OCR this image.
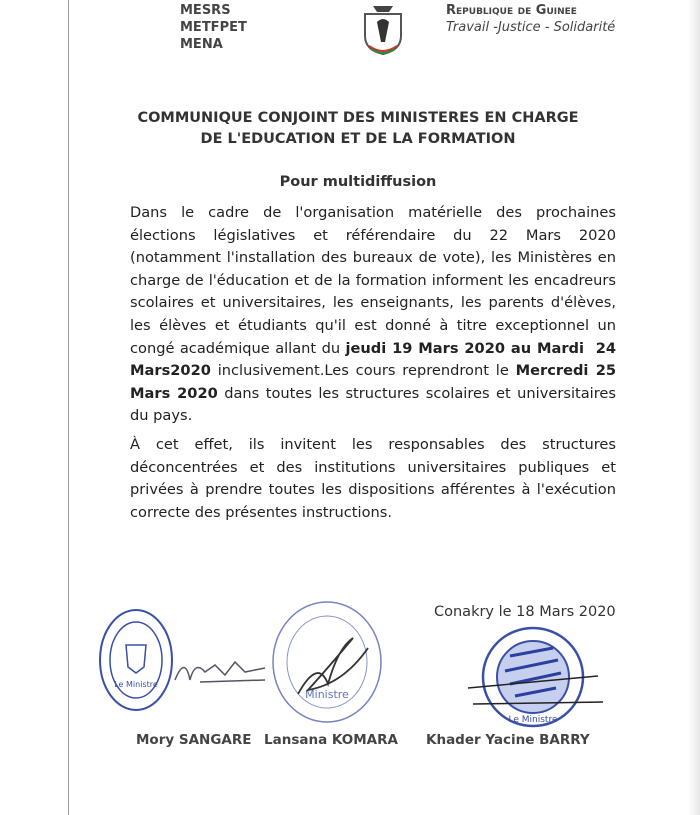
MESRS
METFPET
MENA
Republique de Guinee
Travail -Justice - Solidarité
COMMUNIQUE CONJOINT DES MINISTERES EN CHARGE
DE L'EDUCATION ET DE LA FORMATION
Pour multidiffusion
Dans le cadre de l'organisation matérielle des prochaines élections législatives et référendaire du 22 Mars 2020 (notamment l'installation des bureaux de vote), les Ministères en charge de l'éducation et de la formation informent les encadreurs scolaires et universitaires, les enseignants, les parents d'élèves, les élèves et étudiants qu'il est donné à titre exceptionnel un congé académique allant du jeudi 19 Mars 2020 au Mardi  24 Mars2020 inclusivement.Les cours reprendront le Mercredi 25 Mars 2020 dans toutes les structures scolaires et universitaires du pays.
À cet effet, ils invitent les responsables des structures déconcentrées et des institutions universitaires publiques et privées à prendre toutes les dispositions afférentes à l'exécution correcte des présentes instructions.
Conakry le 18 Mars 2020
Le Ministre
Ministre
Le Ministre
Mory SANGARE Lansana KOMARA Khader Yacine BARRY
